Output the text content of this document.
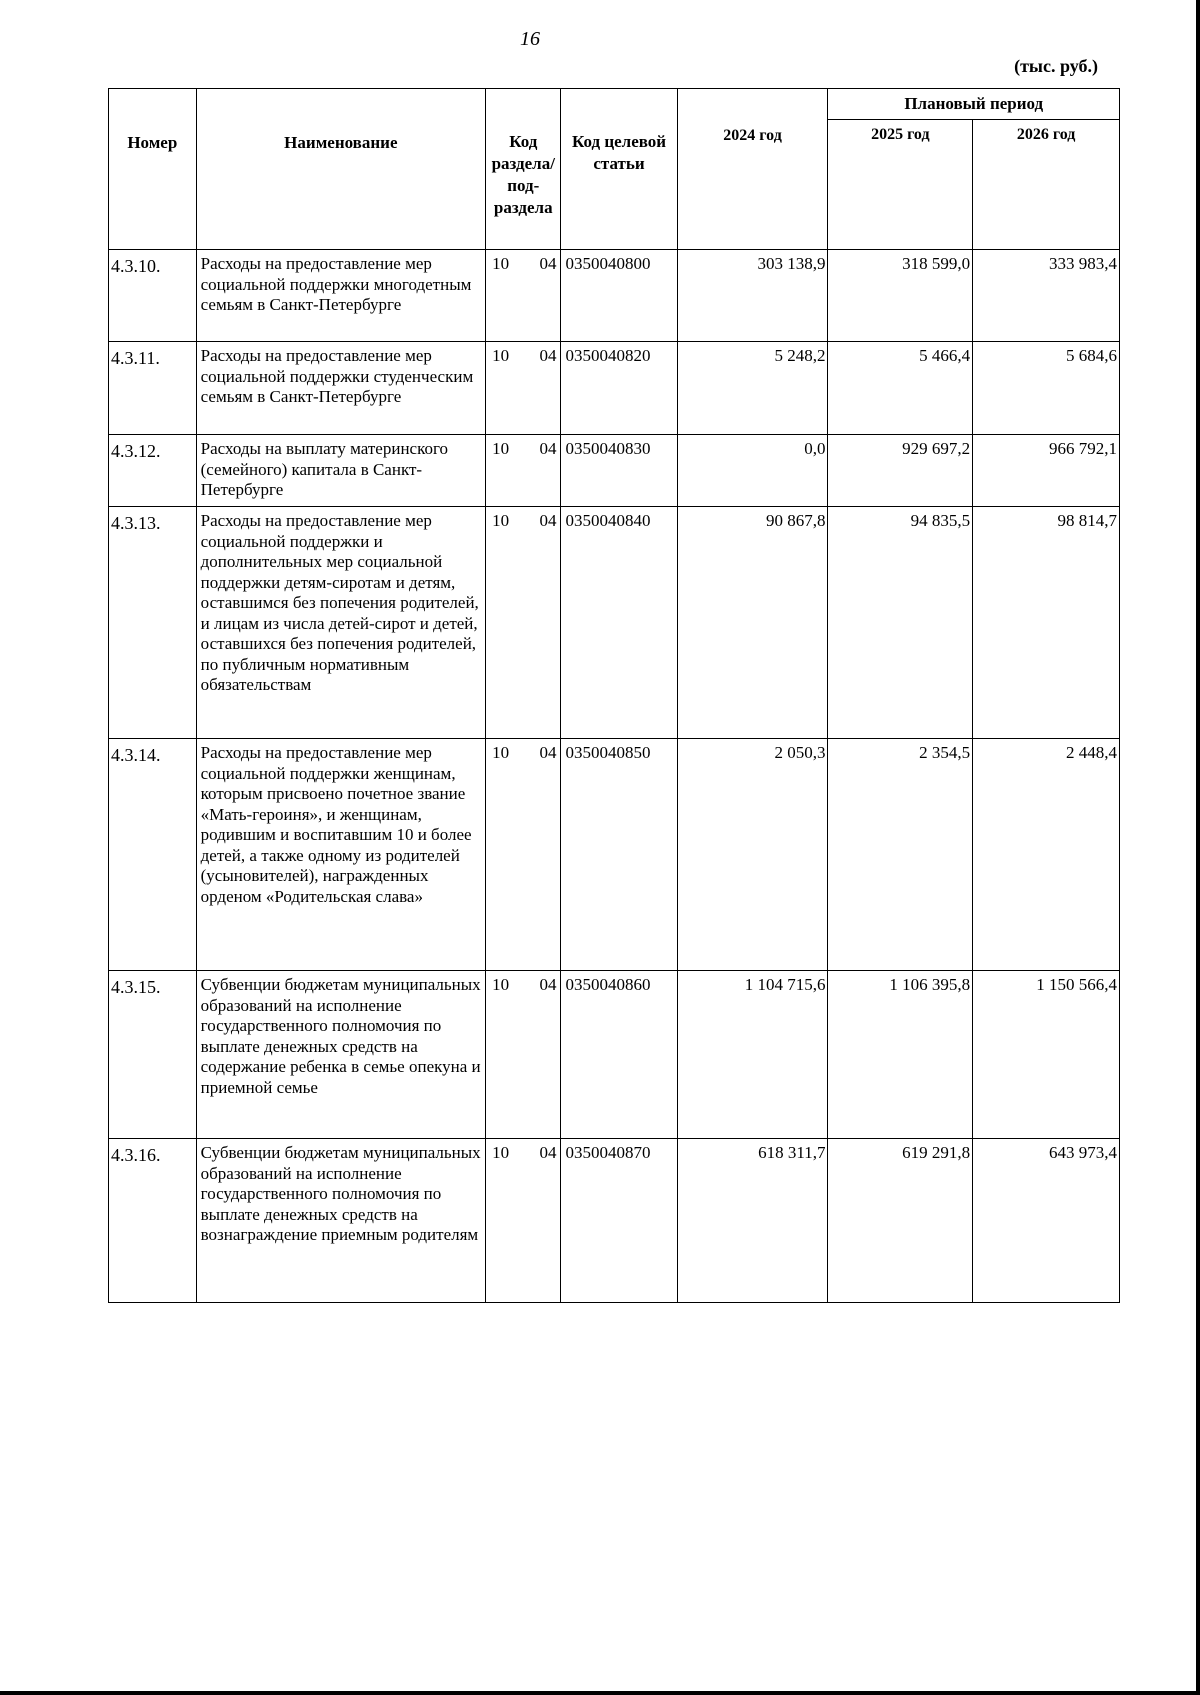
16
(тыс. руб.)
Номер	Наименование	Код раздела/ под- раздела		Код целевой статьи	2024 год	Плановый период	
						2025 год	2026 год
4.3.10.	Расходы на предоставление мер социальной поддержки многодетным семьям в Санкт-Петербурге	10	04	0350040800	303 138,9	318 599,0	333 983,4
4.3.11.	Расходы на предоставление мер социальной поддержки студенческим семьям в Санкт-Петербурге	10	04	0350040820	5 248,2	5 466,4	5 684,6
4.3.12.	Расходы на выплату материнского (семейного) капитала в Санкт-Петербурге	10	04	0350040830	0,0	929 697,2	966 792,1
4.3.13.	Расходы на предоставление мер социальной поддержки и дополнительных мер социальной поддержки детям-сиротам и детям, оставшимся без попечения родителей, и лицам из числа детей-сирот и детей, оставшихся без попечения родителей, по публичным нормативным обязательствам	10	04	0350040840	90 867,8	94 835,5	98 814,7
4.3.14.	Расходы на предоставление мер социальной поддержки женщинам, которым присвоено почетное звание «Мать-героиня», и женщинам, родившим и воспитавшим 10 и более детей, а также одному из родителей (усыновителей), награжденных орденом «Родительская слава»	10	04	0350040850	2 050,3	2 354,5	2 448,4
4.3.15.	Субвенции бюджетам муниципальных образований на исполнение государственного полномочия по выплате денежных средств на содержание ребенка в семье опекуна и приемной семье	10	04	0350040860	1 104 715,6	1 106 395,8	1 150 566,4
4.3.16.	Субвенции бюджетам муниципальных образований на исполнение государственного полномочия по выплате денежных средств на вознаграждение приемным родителям	10	04	0350040870	618 311,7	619 291,8	643 973,4
